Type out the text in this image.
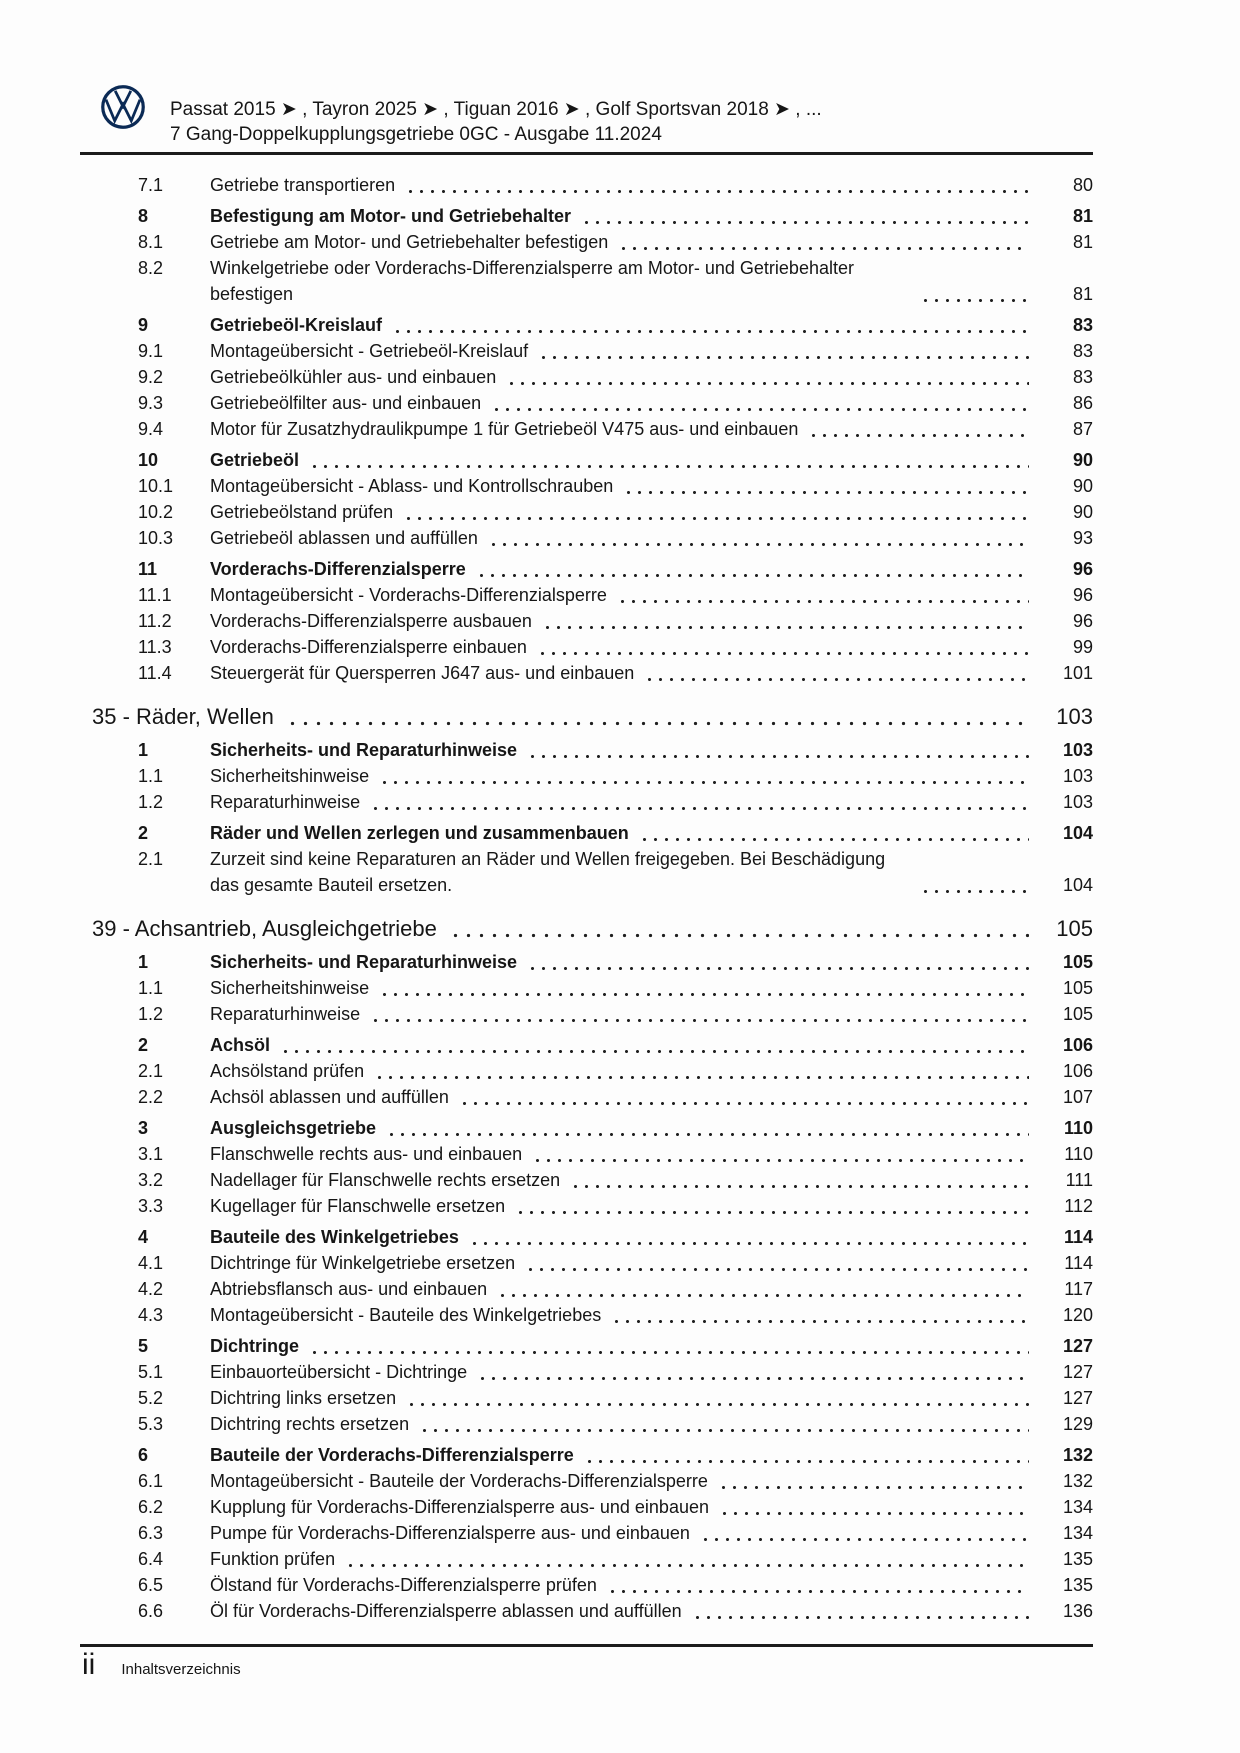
Passat 2015 ➤ , Tayron 2025 ➤ , Tiguan 2016 ➤ , Golf Sportsvan 2018 ➤ , ...
7 Gang-Doppelkupplungsgetriebe 0GC - Ausgabe 11.2024
7.1	Getriebe transportieren	80
8	Befestigung am Motor- und Getriebehalter	81
8.1	Getriebe am Motor- und Getriebehalter befestigen	81
8.2	Winkelgetriebe oder Vorderachs-Differenzialsperre am Motor- und Getriebehalter befestigen	81
9	Getriebeöl-Kreislauf	83
9.1	Montageübersicht - Getriebeöl-Kreislauf	83
9.2	Getriebeölkühler aus- und einbauen	83
9.3	Getriebeölfilter aus- und einbauen	86
9.4	Motor für Zusatzhydraulikpumpe 1 für Getriebeöl V475 aus- und einbauen	87
10	Getriebeöl	90
10.1	Montageübersicht - Ablass- und Kontrollschrauben	90
10.2	Getriebeölstand prüfen	90
10.3	Getriebeöl ablassen und auffüllen	93
11	Vorderachs-Differenzialsperre	96
11.1	Montageübersicht - Vorderachs-Differenzialsperre	96
11.2	Vorderachs-Differenzialsperre ausbauen	96
11.3	Vorderachs-Differenzialsperre einbauen	99
11.4	Steuergerät für Quersperren J647 aus- und einbauen	101
35 - Räder, Wellen	103
1	Sicherheits- und Reparaturhinweise	103
1.1	Sicherheitshinweise	103
1.2	Reparaturhinweise	103
2	Räder und Wellen zerlegen und zusammenbauen	104
2.1	Zurzeit sind keine Reparaturen an Räder und Wellen freigegeben. Bei Beschädigung das gesamte Bauteil ersetzen.	104
39 - Achsantrieb, Ausgleichgetriebe	105
1	Sicherheits- und Reparaturhinweise	105
1.1	Sicherheitshinweise	105
1.2	Reparaturhinweise	105
2	Achsöl	106
2.1	Achsölstand prüfen	106
2.2	Achsöl ablassen und auffüllen	107
3	Ausgleichsgetriebe	110
3.1	Flanschwelle rechts aus- und einbauen	110
3.2	Nadellager für Flanschwelle rechts ersetzen	111
3.3	Kugellager für Flanschwelle ersetzen	112
4	Bauteile des Winkelgetriebes	114
4.1	Dichtringe für Winkelgetriebe ersetzen	114
4.2	Abtriebsflansch aus- und einbauen	117
4.3	Montageübersicht - Bauteile des Winkelgetriebes	120
5	Dichtringe	127
5.1	Einbauorteübersicht - Dichtringe	127
5.2	Dichtring links ersetzen	127
5.3	Dichtring rechts ersetzen	129
6	Bauteile der Vorderachs-Differenzialsperre	132
6.1	Montageübersicht - Bauteile der Vorderachs-Differenzialsperre	132
6.2	Kupplung für Vorderachs-Differenzialsperre aus- und einbauen	134
6.3	Pumpe für Vorderachs-Differenzialsperre aus- und einbauen	134
6.4	Funktion prüfen	135
6.5	Ölstand für Vorderachs-Differenzialsperre prüfen	135
6.6	Öl für Vorderachs-Differenzialsperre ablassen und auffüllen	136
ii Inhaltsverzeichnis
